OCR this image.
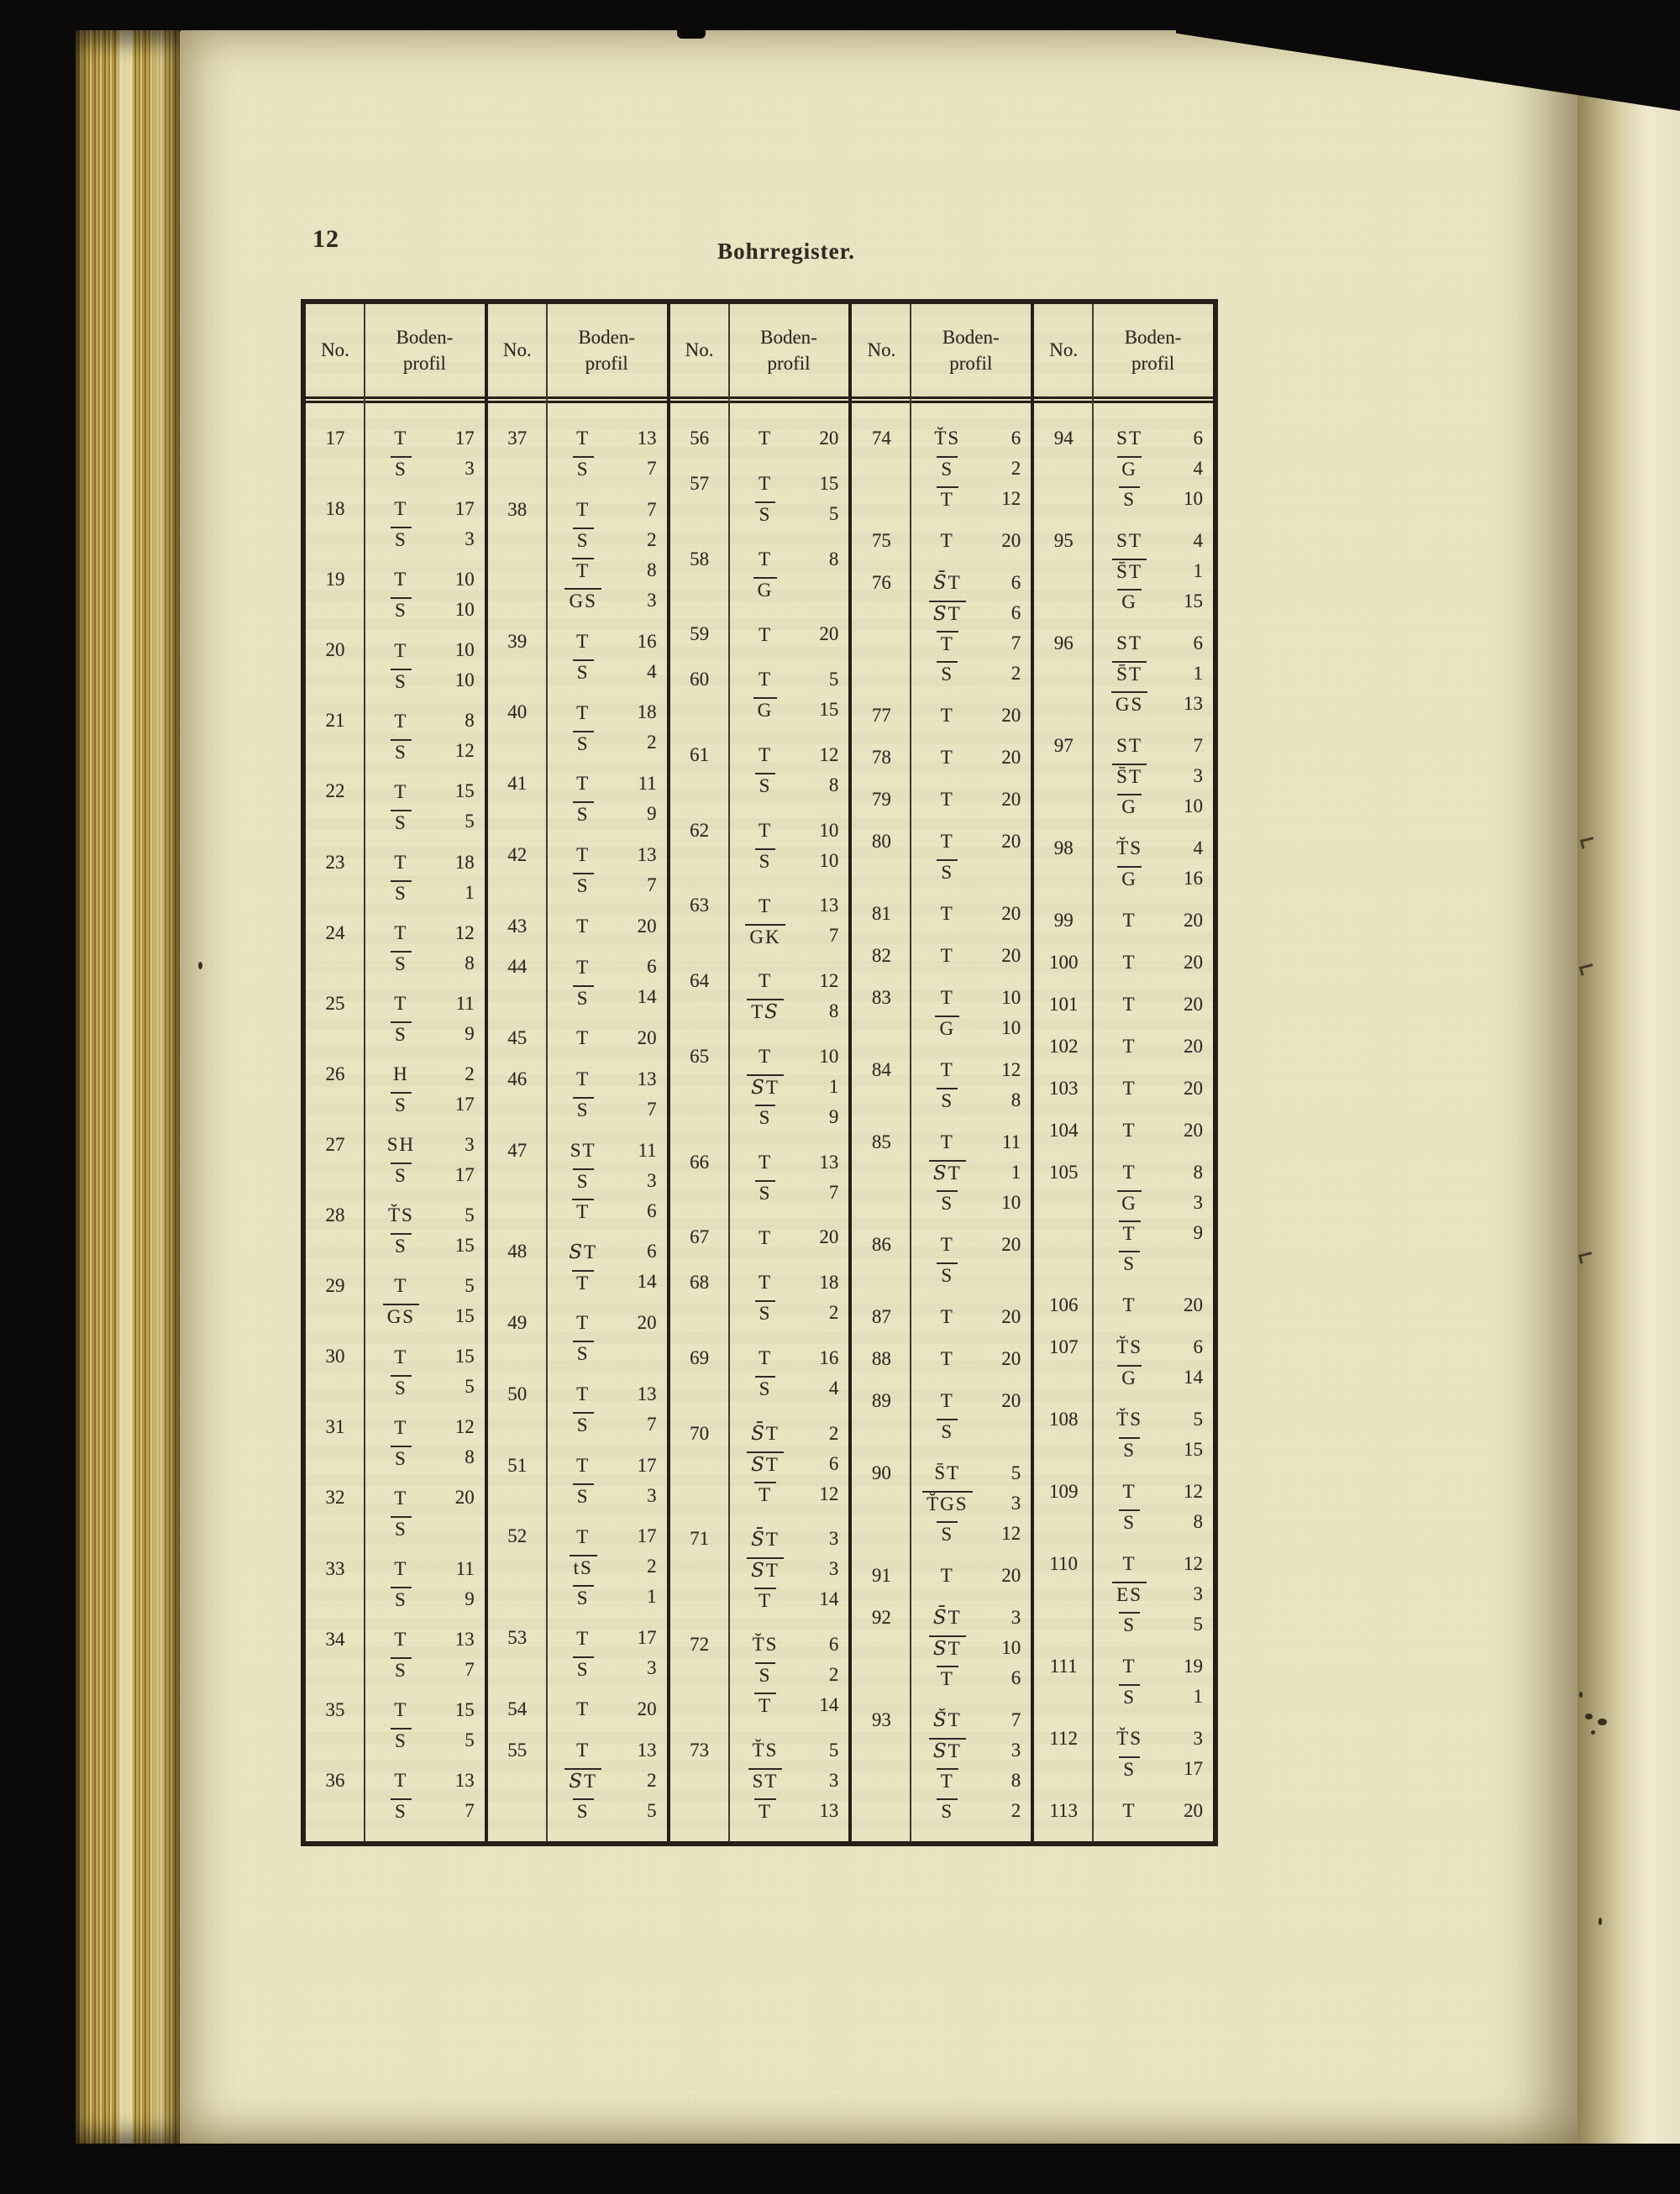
12	Bohrregister.
No.
Boden-
profil
17	T	17
S	3
18	T	17
S	3
19	T	10
S	10
20	T	10
S	10
21	T	8
S	12
22	T	15
S	5
23	T	18
S	1
24	T	12
S	8
25	T	11
S	9
26	H	2
S	17
27	SH	3
S	17
28	T̆S	5
S	15
29	T	5
GS	15
30	T	15
S	5
31	T	12
S	8
32	T	20
S
33	T	11
S	9
34	T	13
S	7
35	T	15
S	5
36	T	13
S	7
No.
Boden-
profil
37	T	13
S	7
38	T	7
S	2
T	8
GS	3
39	T	16
S	4
40	T	18
S	2
41	T	11
S	9
42	T	13
S	7
43	T	20
44	T	6
S	14
45	T	20
46	T	13
S	7
47	ST	11
S	3
T	6
48	ST	6
T	14
49	T	20
S
50	T	13
S	7
51	T	17
S	3
52	T	17
tS	2
S	1
53	T	17
S	3
54	T	20
55	T	13
ST	2
S	5
No.
Boden-
profil
56	T	20
57	T	15
S	5
58	T	8
G
59	T	20
60	T	5
G	15
61	T	12
S	8
62	T	10
S	10
63	T	13
GK	7
64	T	12
TS	8
65	T	10
ST	1
S	9
66	T	13
S	7
67	T	20
68	T	18
S	2
69	T	16
S	4
70	S̄T	2
ST	6
T	12
71	S̄T	3
ST	3
T	14
72	T̆S	6
S	2
T	14
73	T̆S	5
ST	3
T	13
No.
Boden-
profil
74	T̆S	6
S	2
T	12
75	T	20
76	S̄T	6
ST	6
T	7
S	2
77	T	20
78	T	20
79	T	20
80	T	20
S
81	T	20
82	T	20
83	T	10
G	10
84	T	12
S	8
85	T	11
ST	1
S	10
86	T	20
S
87	T	20
88	T	20
89	T	20
S
90	S̄T	5
T̆GS	3
S	12
91	T	20
92	S̄T	3
ST	10
T	6
93	S̆T	7
ST	3
T	8
S	2
No.
Boden-
profil
94	ST	6
G	4
S	10
95	ST	4
S̄T	1
G	15
96	ST	6
S̄T	1
GS	13
97	ST	7
S̄T	3
G	10
98	T̆S	4
G	16
99	T	20
100	T	20
101	T	20
102	T	20
103	T	20
104	T	20
105	T	8
G	3
T	9
S
106	T	20
107	T̆S	6
G	14
108	T̆S	5
S	15
109	T	12
S	8
110	T	12
ES	3
S	5
111	T	19
S	1
112	T̆S	3
S	17
113	T	20
